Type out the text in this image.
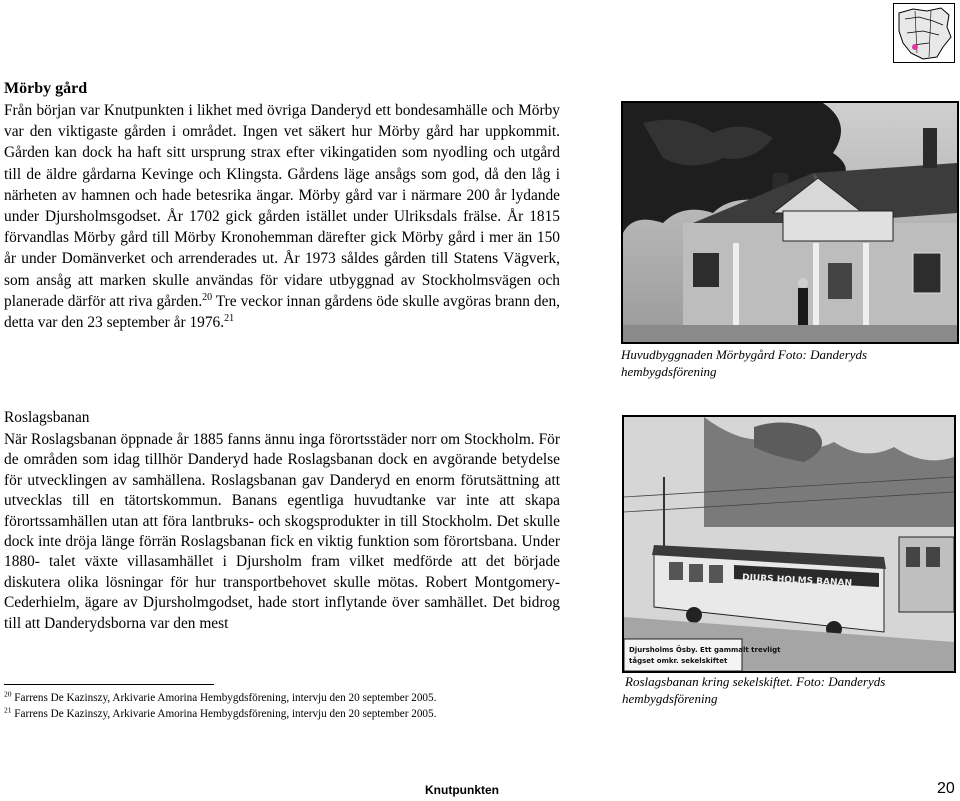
Mörby gård

Från början var Knutpunkten i likhet med övriga Danderyd ett bondesamhälle och Mörby var den viktigaste gården i området. Ingen vet säkert hur Mörby gård har uppkommit. Gården kan dock ha haft sitt ursprung strax efter vikingatiden som nyodling och utgård till de äldre gårdarna Kevinge och Klingsta. Gårdens läge ansågs som god, då den låg i närheten av hamnen och hade betesrika ängar. Mörby gård var i närmare 200 år lydande under Djursholmsgodset. År 1702 gick gården istället under Ulriksdals frälse. År 1815 förvandlas Mörby gård till Mörby Kronohemman därefter gick Mörby gård i mer än 150 år under Domänverket och arrenderades ut. År 1973 såldes gården till Statens Vägverk, som ansåg att marken skulle användas för vidare utbyggnad av Stockholmsvägen och planerade därför att riva gården.$^{20}$ Tre veckor innan gårdens öde skulle avgöras brann den, detta var den 23 september år 1976.21

Huvudbyggnaden Mörbygård Foto: Danderyds hembygdsförening
Roslagsbanan

När Roslagsbanan öppnade år 1885 fanns ännu inga förortsstäder norr om Stockholm. För de områden som idag tillhör Danderyd hade Roslagsbanan dock en avgörande betydelse för utvecklingen av samhällena. Roslagsbanan gav Danderyd en enorm förutsättning att utvecklas till en tätortskommun. Banans egentliga huvudtanke var inte att skapa förortssamhällen utan att föra lantbruks- och skogsprodukter in till Stockholm. Det skulle dock inte dröja länge förrän Roslagsbanan fick en viktig funktion som förortsbana. Under 1880- talet växte villasamhället i Djursholm fram vilket medförde att det började diskutera olika lösningar för hur transportbehovet skulle mötas. Robert Montgomery- Cederhielm, ägare av Djursholmgodset, hade stort inflytande över samhället. Det bidrog till att Danderydsborna var den mest

DJURS HOLMS BANAN
Djursholms Ösby. Ett gammalt trevligt
tågset omkr. sekelskiftet
Roslagsbanan kring sekelskiftet. Foto: Danderyds hembygdsförening
$^{20}$ Farrens De Kazinszy, Arkivarie Amorina Hembygdsförening, intervju den 20 september 2005.
$^{21}$ Farrens De Kazinszy, Arkivarie Amorina Hembygdsförening, intervju den 20 september 2005.
Knutpunkten	20
